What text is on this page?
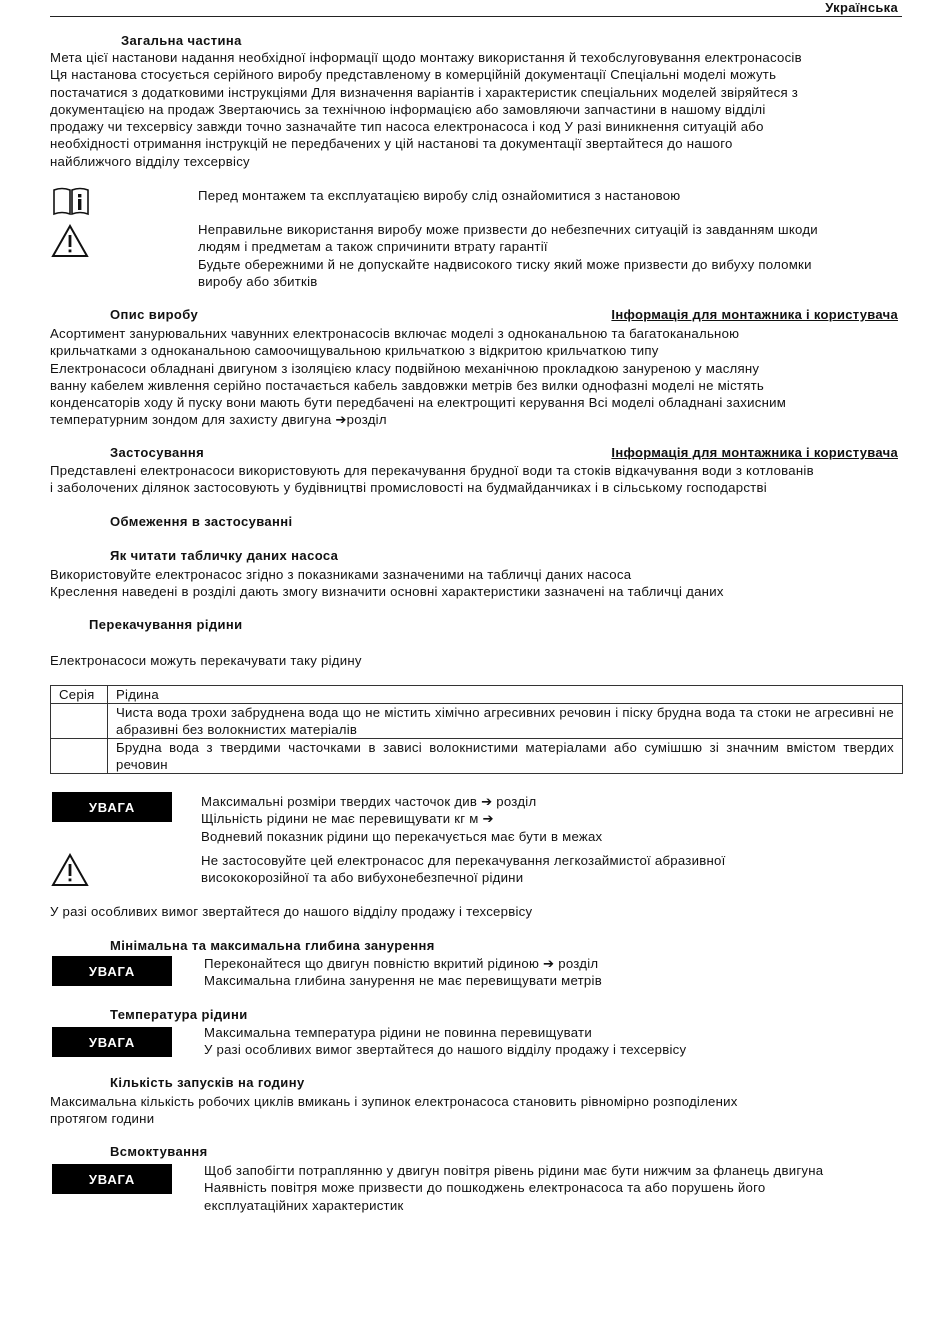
Українська
Загальна частина
Мета цієї настанови надання необхідної інформації щодо монтажу використання й техобслуговування електронасосів
Ця настанова стосується серійного виробу представленому в комерційній документації Спеціальні моделі можуть
постачатися з додатковими інструкціями Для визначення варіантів і характеристик спеціальних моделей звіряйтеся з
документацією на продаж Звертаючись за технічною інформацією або замовляючи запчастини в нашому відділі
продажу чи техсервісу завжди точно зазначайте тип насоса електронасоса і код У разі виникнення ситуацій або
необхідності отримання інструкцій не передбачених у цій настанові та документації звертайтеся до нашого
найближчого відділу техсервісу
Перед монтажем та експлуатацією виробу слід ознайомитися з настановою
Неправильне використання виробу може призвести до небезпечних ситуацій із завданням шкоди
людям і предметам а також спричинити втрату гарантії
Будьте обережними й не допускайте надвисокого тиску який може призвести до вибуху поломки
виробу або збитків
Опис виробу	Інформація для монтажника і користувача
Асортимент занурювальних чавунних електронасосів включає моделі з одноканальною та багатоканальною
крильчатками з одноканальною самоочищувальною крильчаткою з відкритою крильчаткою типу
Електронасоси обладнані двигуном з ізоляцією класу подвійною механічною прокладкою зануреною у масляну
ванну кабелем живлення серійно постачається кабель завдовжки метрів без вилки однофазні моделі не містять
конденсаторів ходу й пуску вони мають бути передбачені на електрощиті керування Всі моделі обладнані захисним
температурним зондом для захисту двигуна ➔розділ
Застосування	Інформація для монтажника і користувача
Представлені електронасоси використовують для перекачування брудної води та стоків відкачування води з котлованів
і заболочених ділянок застосовують у будівництві промисловості на будмайданчиках і в сільському господарстві
Обмеження в застосуванні
Як читати табличку даних насоса
Використовуйте електронасос згідно з показниками зазначеними на табличці даних насоса
Креслення наведені в розділі дають змогу визначити основні характеристики зазначені на табличці даних
Перекачування рідини
Електронасоси можуть перекачувати таку рідину
Серія	Рідина
	Чиста вода трохи забруднена вода що не містить хімічно агресивних речовин і піску брудна вода та стоки не агресивні не абразивні без волокнистих матеріалів
	Брудна вода з твердими часточками в зависі волокнистими матеріалами або сумішшю зі значним вмістом твердих речовин
УВАГА	Максимальні розміри твердих часточок див ➔ розділ
Щільність рідини не має перевищувати кг м ➔
Водневий показник рідини що перекачується має бути в межах
Не застосовуйте цей електронасос для перекачування легкозаймистої абразивної
висококорозійної та або вибухонебезпечної рідини
У разі особливих вимог звертайтеся до нашого відділу продажу і техсервісу
Мінімальна та максимальна глибина занурення
УВАГА	Переконайтеся що двигун повністю вкритий рідиною ➔ розділ
Максимальна глибина занурення не має перевищувати метрів
Температура рідини
УВАГА
Максимальна температура рідини не повинна перевищувати
У разі особливих вимог звертайтеся до нашого відділу продажу і техсервісу
Кількість запусків на годину
Максимальна кількість робочих циклів вмикань і зупинок електронасоса становить рівномірно розподілених
протягом години
Всмоктування
УВАГА
Щоб запобігти потраплянню у двигун повітря рівень рідини має бути нижчим за фланець двигуна
Наявність повітря може призвести до пошкоджень електронасоса та або порушень його
експлуатаційних характеристик
